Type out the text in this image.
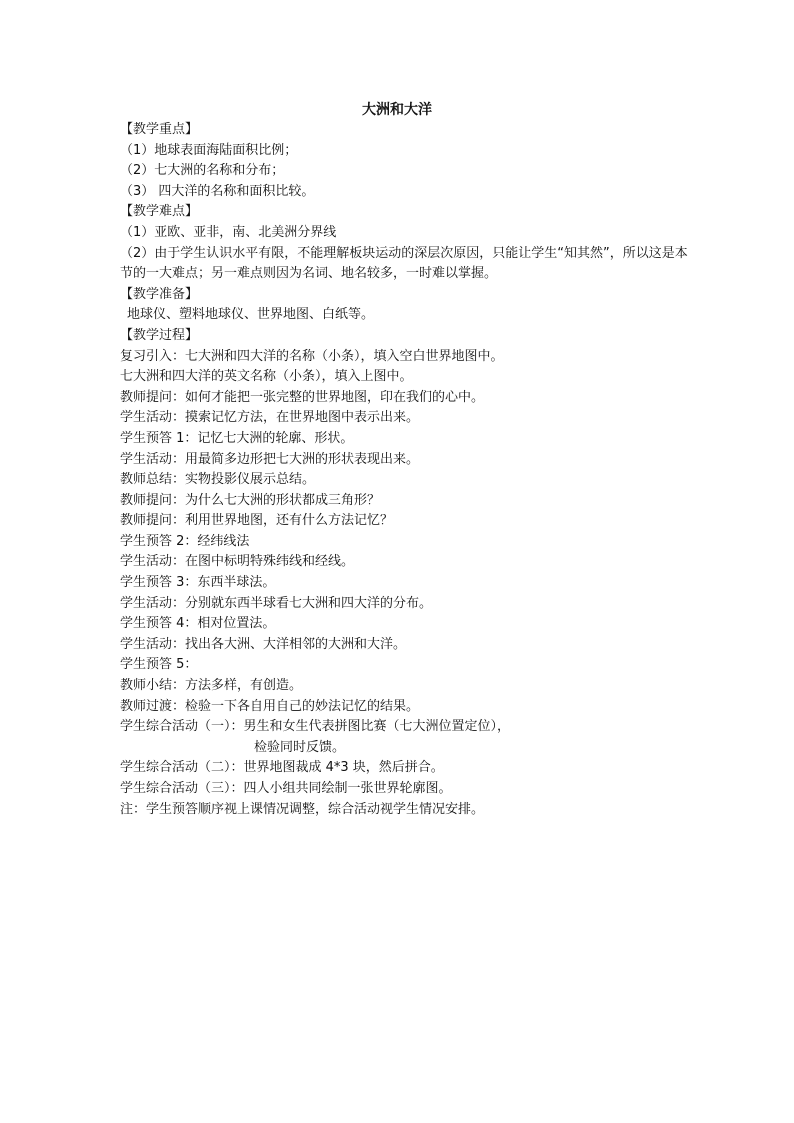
大洲和大洋
【教学重点】
（1）地球表面海陆面积比例；
（2）七大洲的名称和分布；
（3） 四大洋的名称和面积比较。
【教学难点】
（1）亚欧、亚非，南、北美洲分界线
（2）由于学生认识水平有限，不能理解板块运动的深层次原因，只能让学生“知其然”，所以这是本节的一大难点；另一难点则因为名词、地名较多，一时难以掌握。
【教学准备】
地球仪、塑料地球仪、世界地图、白纸等。
【教学过程】
复习引入：七大洲和四大洋的名称（小条），填入空白世界地图中。
七大洲和四大洋的英文名称（小条），填入上图中。
教师提问：如何才能把一张完整的世界地图，印在我们的心中。
学生活动：摸索记忆方法，在世界地图中表示出来。
学生预答 1：记忆七大洲的轮廓、形状。
学生活动：用最简多边形把七大洲的形状表现出来。
教师总结：实物投影仪展示总结。
教师提问：为什么七大洲的形状都成三角形？
教师提问：利用世界地图，还有什么方法记忆？
学生预答 2：经纬线法
学生活动：在图中标明特殊纬线和经线。
学生预答 3：东西半球法。
学生活动：分别就东西半球看七大洲和四大洋的分布。
学生预答 4：相对位置法。
学生活动：找出各大洲、大洋相邻的大洲和大洋。
学生预答 5：
教师小结：方法多样，有创造。
教师过渡：检验一下各自用自己的妙法记忆的结果。
学生综合活动（一）：男生和女生代表拼图比赛（七大洲位置定位），
检验同时反馈。
学生综合活动（二）：世界地图裁成 4*3 块，然后拼合。
学生综合活动（三）：四人小组共同绘制一张世界轮廓图。
注：学生预答顺序视上课情况调整，综合活动视学生情况安排。
